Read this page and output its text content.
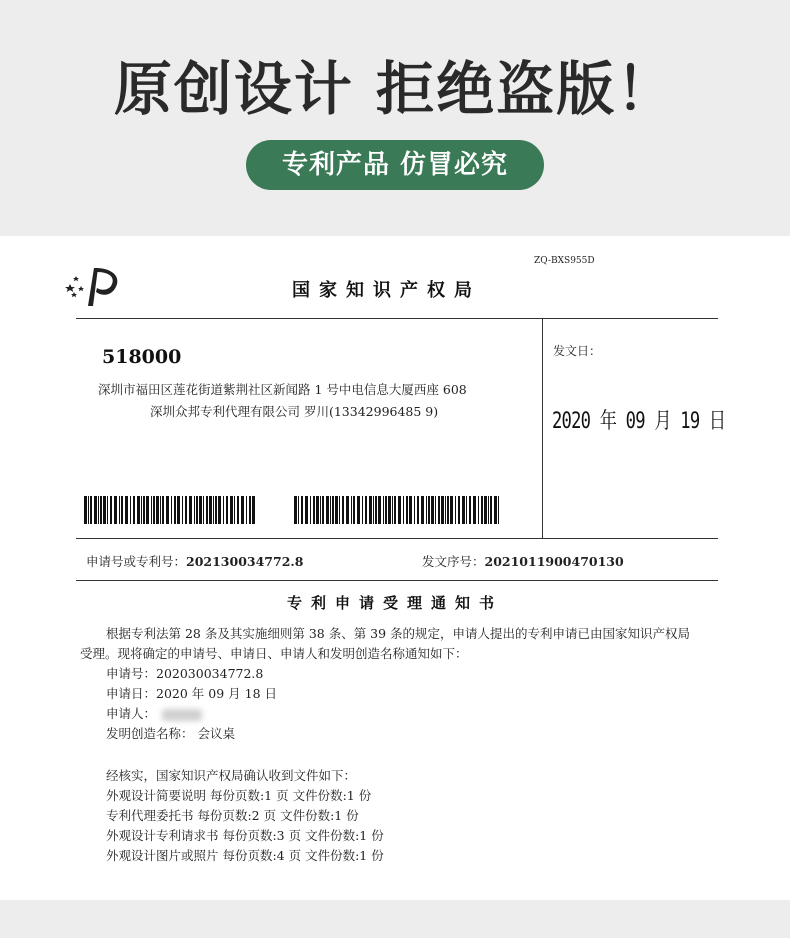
原创设计 拒绝盗版！
专利产品 仿冒必究
ZQ-BXS955D
国家知识产权局
518000
深圳市福田区莲花街道紫荆社区新闻路 1 号中电信息大厦西座 608
深圳众邦专利代理有限公司 罗川(13342996485 9)
发文日：
2020 年 09 月 19 日
申请号或专利号：202130034772.8	发文序号：2021011900470130
专利申请受理通知书
根据专利法第 28 条及其实施细则第 38 条、第 39 条的规定，申请人提出的专利申请已由国家知识产权局
受理。现将确定的申请号、申请日、申请人和发明创造名称通知如下：
申请号：202030034772.8
申请日：2020 年 09 月 18 日
申请人：
发明创造名称： 会议桌
经核实，国家知识产权局确认收到文件如下：
外观设计简要说明 每份页数:1 页 文件份数:1 份
专利代理委托书 每份页数:2 页 文件份数:1 份
外观设计专利请求书 每份页数:3 页 文件份数:1 份
外观设计图片或照片 每份页数:4 页 文件份数:1 份
